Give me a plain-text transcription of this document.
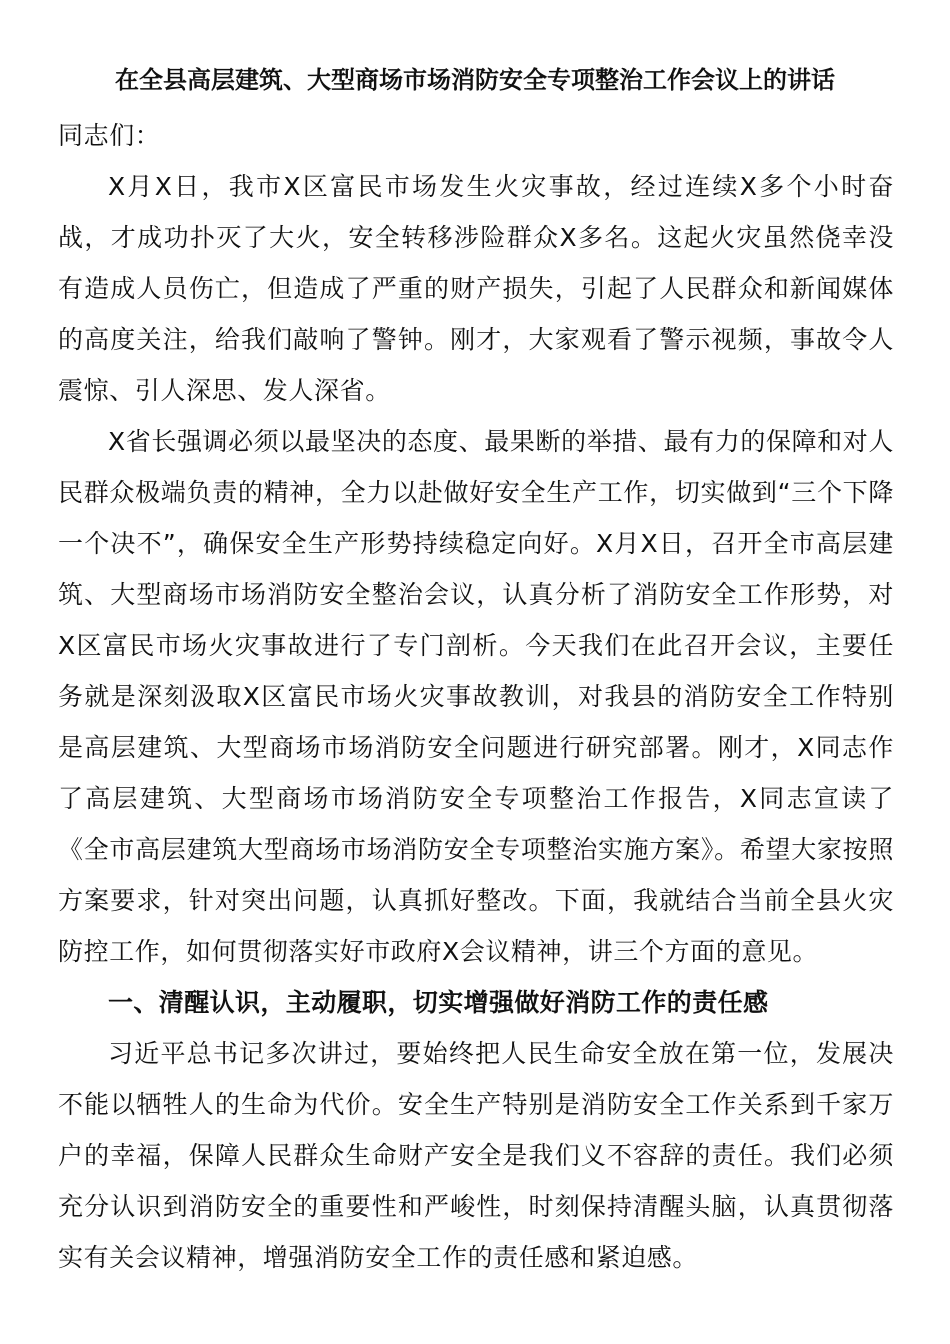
在全县高层建筑、大型商场市场消防安全专项整治工作会议上的讲话

同志们：

X月X日，我市X区富民市场发生火灾事故，经过连续X多个小时奋战，才成功扑灭了大火，安全转移涉险群众X多名。这起火灾虽然侥幸没有造成人员伤亡，但造成了严重的财产损失，引起了人民群众和新闻媒体的高度关注，给我们敲响了警钟。刚才，大家观看了警示视频，事故令人震惊、引人深思、发人深省。

X省长强调必须以最坚决的态度、最果断的举措、最有力的保障和对人民群众极端负责的精神，全力以赴做好安全生产工作，切实做到“三个下降一个决不”，确保安全生产形势持续稳定向好。X月X日，召开全市高层建筑、大型商场市场消防安全整治会议，认真分析了消防安全工作形势，对X区富民市场火灾事故进行了专门剖析。今天我们在此召开会议，主要任务就是深刻汲取X区富民市场火灾事故教训，对我县的消防安全工作特别是高层建筑、大型商场市场消防安全问题进行研究部署。刚才，X同志作了高层建筑、大型商场市场消防安全专项整治工作报告，X同志宣读了《全市高层建筑大型商场市场消防安全专项整治实施方案》。希望大家按照方案要求，针对突出问题，认真抓好整改。下面，我就结合当前全县火灾防控工作，如何贯彻落实好市政府X会议精神，讲三个方面的意见。

一、清醒认识，主动履职，切实增强做好消防工作的责任感

习近平总书记多次讲过，要始终把人民生命安全放在第一位，发展决不能以牺牲人的生命为代价。安全生产特别是消防安全工作关系到千家万户的幸福，保障人民群众生命财产安全是我们义不容辞的责任。我们必须充分认识到消防安全的重要性和严峻性，时刻保持清醒头脑，认真贯彻落实有关会议精神，增强消防安全工作的责任感和紧迫感。
